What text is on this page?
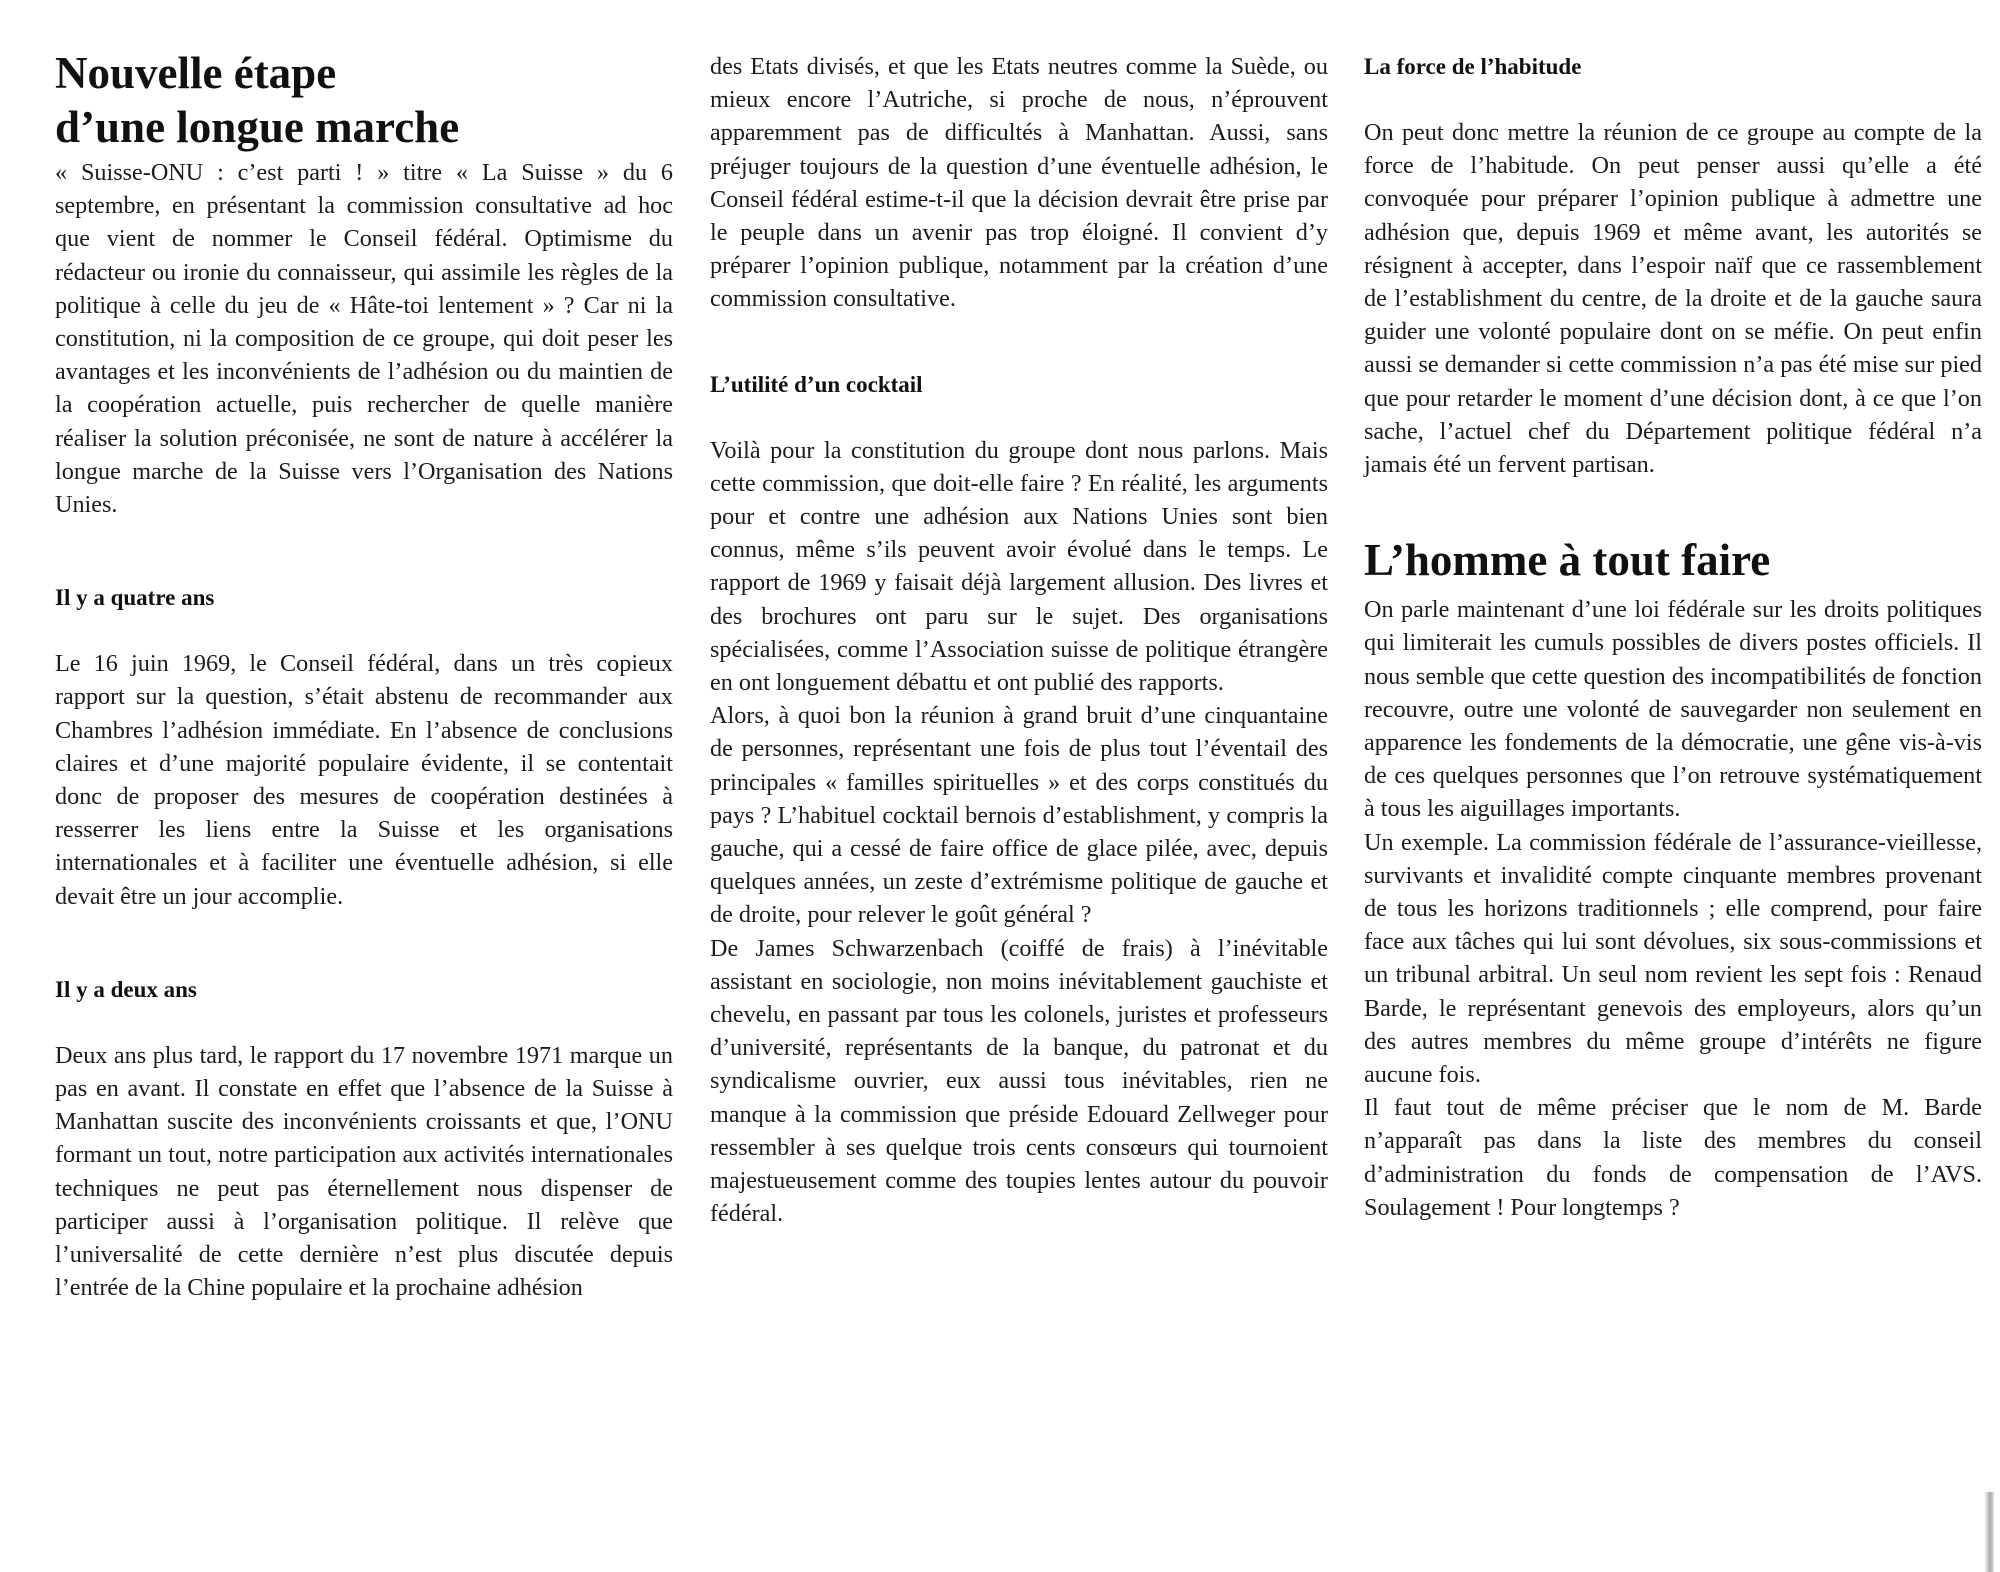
Nouvelle étape
d’une longue marche

« Suisse-ONU : c’est parti ! » titre « La Suisse » du 6 septembre, en présentant la commission consultative ad hoc que vient de nommer le Conseil fédéral. Optimisme du rédacteur ou ironie du connaisseur, qui assimile les règles de la politique à celle du jeu de « Hâte-toi lentement » ? Car ni la constitution, ni la composition de ce groupe, qui doit peser les avantages et les inconvénients de l’adhésion ou du maintien de la coopération actuelle, puis rechercher de quelle manière réaliser la solution préconisée, ne sont de nature à accélérer la longue marche de la Suisse vers l’Organisation des Nations Unies.

Il y a quatre ans

Le 16 juin 1969, le Conseil fédéral, dans un très copieux rapport sur la question, s’était abstenu de recommander aux Chambres l’adhésion immédiate. En l’absence de conclusions claires et d’une majorité populaire évidente, il se contentait donc de proposer des mesures de coopération destinées à resserrer les liens entre la Suisse et les organisations internationales et à faciliter une éventuelle adhésion, si elle devait être un jour accomplie.

Il y a deux ans

Deux ans plus tard, le rapport du 17 novembre 1971 marque un pas en avant. Il constate en effet que l’absence de la Suisse à Manhattan suscite des inconvénients croissants et que, l’ONU formant un tout, notre participation aux activités internationales techniques ne peut pas éternellement nous dispenser de participer aussi à l’organisation politique. Il relève que l’universalité de cette dernière n’est plus discutée depuis l’entrée de la Chine populaire et la prochaine adhésion

des Etats divisés, et que les Etats neutres comme la Suède, ou mieux encore l’Autriche, si proche de nous, n’éprouvent apparemment pas de difficultés à Manhattan. Aussi, sans préjuger toujours de la question d’une éventuelle adhésion, le Conseil fédéral estime-t-il que la décision devrait être prise par le peuple dans un avenir pas trop éloigné. Il convient d’y préparer l’opinion publique, notamment par la création d’une commission consultative.

L’utilité d’un cocktail

Voilà pour la constitution du groupe dont nous parlons. Mais cette commission, que doit-elle faire ? En réalité, les arguments pour et contre une adhésion aux Nations Unies sont bien connus, même s’ils peuvent avoir évolué dans le temps. Le rapport de 1969 y faisait déjà largement allusion. Des livres et des brochures ont paru sur le sujet. Des organisations spécialisées, comme l’Association suisse de politique étrangère en ont longuement débattu et ont publié des rapports.

Alors, à quoi bon la réunion à grand bruit d’une cinquantaine de personnes, représentant une fois de plus tout l’éventail des principales « familles spirituelles » et des corps constitués du pays ? L’habituel cocktail bernois d’establishment, y compris la gauche, qui a cessé de faire office de glace pilée, avec, depuis quelques années, un zeste d’extrémisme politique de gauche et de droite, pour relever le goût général ?

De James Schwarzenbach (coiffé de frais) à l’inévitable assistant en sociologie, non moins inévitablement gauchiste et chevelu, en passant par tous les colonels, juristes et professeurs d’université, représentants de la banque, du patronat et du syndicalisme ouvrier, eux aussi tous inévitables, rien ne manque à la commission que préside Edouard Zellweger pour ressembler à ses quelque trois cents consœurs qui tournoient majestueusement comme des toupies lentes autour du pouvoir fédéral.

La force de l’habitude

On peut donc mettre la réunion de ce groupe au compte de la force de l’habitude. On peut penser aussi qu’elle a été convoquée pour préparer l’opinion publique à admettre une adhésion que, depuis 1969 et même avant, les autorités se résignent à accepter, dans l’espoir naïf que ce rassemblement de l’establishment du centre, de la droite et de la gauche saura guider une volonté populaire dont on se méfie. On peut enfin aussi se demander si cette commission n’a pas été mise sur pied que pour retarder le moment d’une décision dont, à ce que l’on sache, l’actuel chef du Département politique fédéral n’a jamais été un fervent partisan.

L’homme à tout faire

On parle maintenant d’une loi fédérale sur les droits politiques qui limiterait les cumuls possibles de divers postes officiels. Il nous semble que cette question des incompatibilités de fonction recouvre, outre une volonté de sauvegarder non seulement en apparence les fondements de la démocratie, une gêne vis-à-vis de ces quelques personnes que l’on retrouve systématiquement à tous les aiguillages importants.

Un exemple. La commission fédérale de l’assurance-vieillesse, survivants et invalidité compte cinquante membres provenant de tous les horizons traditionnels ; elle comprend, pour faire face aux tâches qui lui sont dévolues, six sous-commissions et un tribunal arbitral. Un seul nom revient les sept fois : Renaud Barde, le représentant genevois des employeurs, alors qu’un des autres membres du même groupe d’intérêts ne figure aucune fois.

Il faut tout de même préciser que le nom de M. Barde n’apparaît pas dans la liste des membres du conseil d’administration du fonds de compensation de l’AVS. Soulagement ! Pour longtemps ?
